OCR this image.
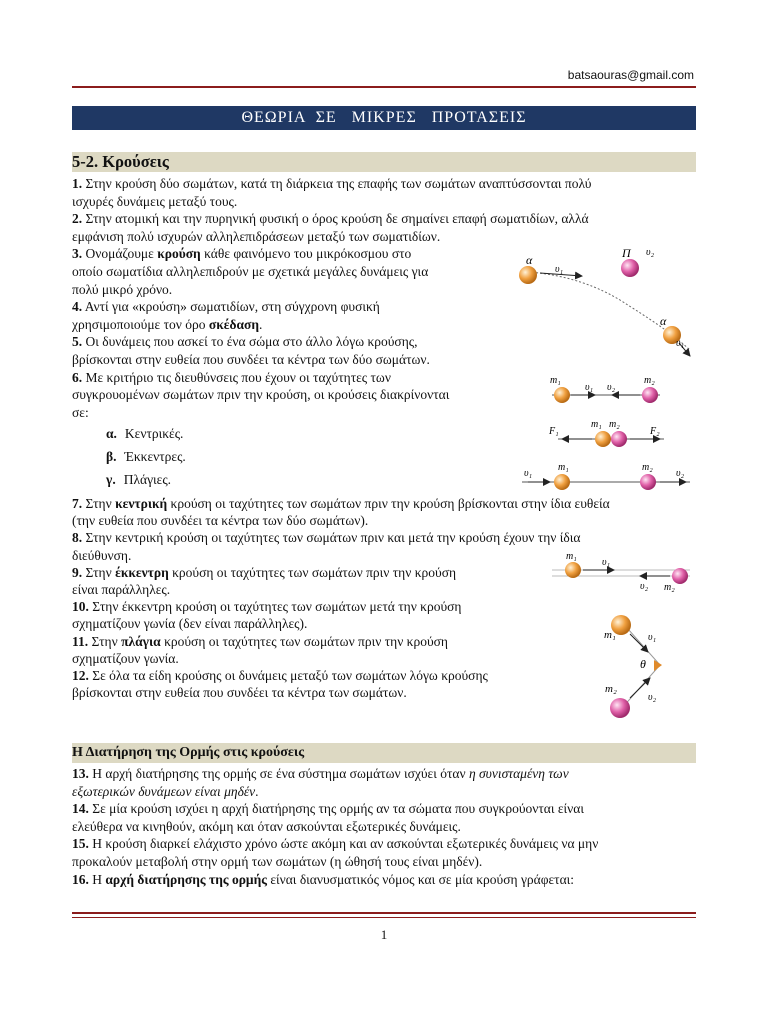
batsaouras@gmail.com
ΘΕΩΡΙΑ  ΣΕ   ΜΙΚΡΕΣ   ΠΡΟΤΑΣΕΙΣ
5-2. Κρούσεις
1. Στην κρούση δύο σωμάτων, κατά τη διάρκεια της επαφής των σωμάτων αναπτύσσονται πολύ
ισχυρές δυνάμεις μεταξύ τους.
2. Στην ατομική και την πυρηνική φυσική ο όρος κρούση δε σημαίνει επαφή σωματιδίων, αλλά
εμφάνιση πολύ ισχυρών αλληλεπιδράσεων μεταξύ των σωματιδίων.
3. Ονομάζουμε κρούση κάθε φαινόμενο του μικρόκοσμου στο
οποίο σωματίδια αλληλεπιδρούν με σχετικά μεγάλες δυνάμεις για
πολύ μικρό χρόνο.
4. Αντί για «κρούση» σωματιδίων, στη σύγχρονη φυσική
χρησιμοποιούμε τον όρο σκέδαση.
5. Οι δυνάμεις που ασκεί το ένα σώμα στο άλλο λόγω κρούσης,
βρίσκονται στην ευθεία που συνδέει τα κέντρα των δύο σωμάτων.
6. Με κριτήριο τις διευθύνσεις που έχουν οι ταχύτητες των
συγκρουομένων σωμάτων πριν την κρούση, οι κρούσεις διακρίνονται
σε:
α. Κεντρικές.
β. Έκκεντρες.
γ. Πλάγιες.
7. Στην κεντρική κρούση οι ταχύτητες των σωμάτων πριν την κρούση βρίσκονται στην ίδια ευθεία
(την ευθεία που συνδέει τα κέντρα των δύο σωμάτων).
8. Στην κεντρική κρούση οι ταχύτητες των σωμάτων πριν και μετά την κρούση έχουν την ίδια
διεύθυνση.
9. Στην έκκεντρη κρούση οι ταχύτητες των σωμάτων πριν την κρούση
είναι παράλληλες.
10. Στην έκκεντρη κρούση οι ταχύτητες των σωμάτων μετά την κρούση
σχηματίζουν γωνία (δεν είναι παράλληλες).
11. Στην πλάγια κρούση οι ταχύτητες των σωμάτων πριν την κρούση
σχηματίζουν γωνία.
12. Σε όλα τα είδη κρούσης οι δυνάμεις μεταξύ των σωμάτων λόγω κρούσης
βρίσκονται στην ευθεία που συνδέει τα κέντρα των σωμάτων.
Η Διατήρηση της Ορμής στις κρούσεις
13. Η αρχή διατήρησης της ορμής σε ένα σύστημα σωμάτων ισχύει όταν η συνισταμένη των
εξωτερικών δυνάμεων είναι μηδέν.
14. Σε μία κρούση ισχύει η αρχή διατήρησης της ορμής αν τα σώματα που συγκρούονται είναι
ελεύθερα να κινηθούν, ακόμη και όταν ασκούνται εξωτερικές δυνάμεις.
15. Η κρούση διαρκεί ελάχιστο χρόνο ώστε ακόμη και αν ασκούνται εξωτερικές δυνάμεις να μην
προκαλούν μεταβολή στην ορμή των σωμάτων (η ώθησή τους είναι μηδέν).
16. Η αρχή διατήρησης της ορμής είναι διανυσματικός νόμος και σε μία κρούση γράφεται:
1
α
υ₁
Π υ₂
α
υ₁
m₁
υ₁ υ₂
m₂
F₁
m₁ m₂
F₂
υ₁
m₁	m₂
υ₂
m₁
υ₁
υ₂ m₂
m₁	υ₁
θ
m₂
υ₂
